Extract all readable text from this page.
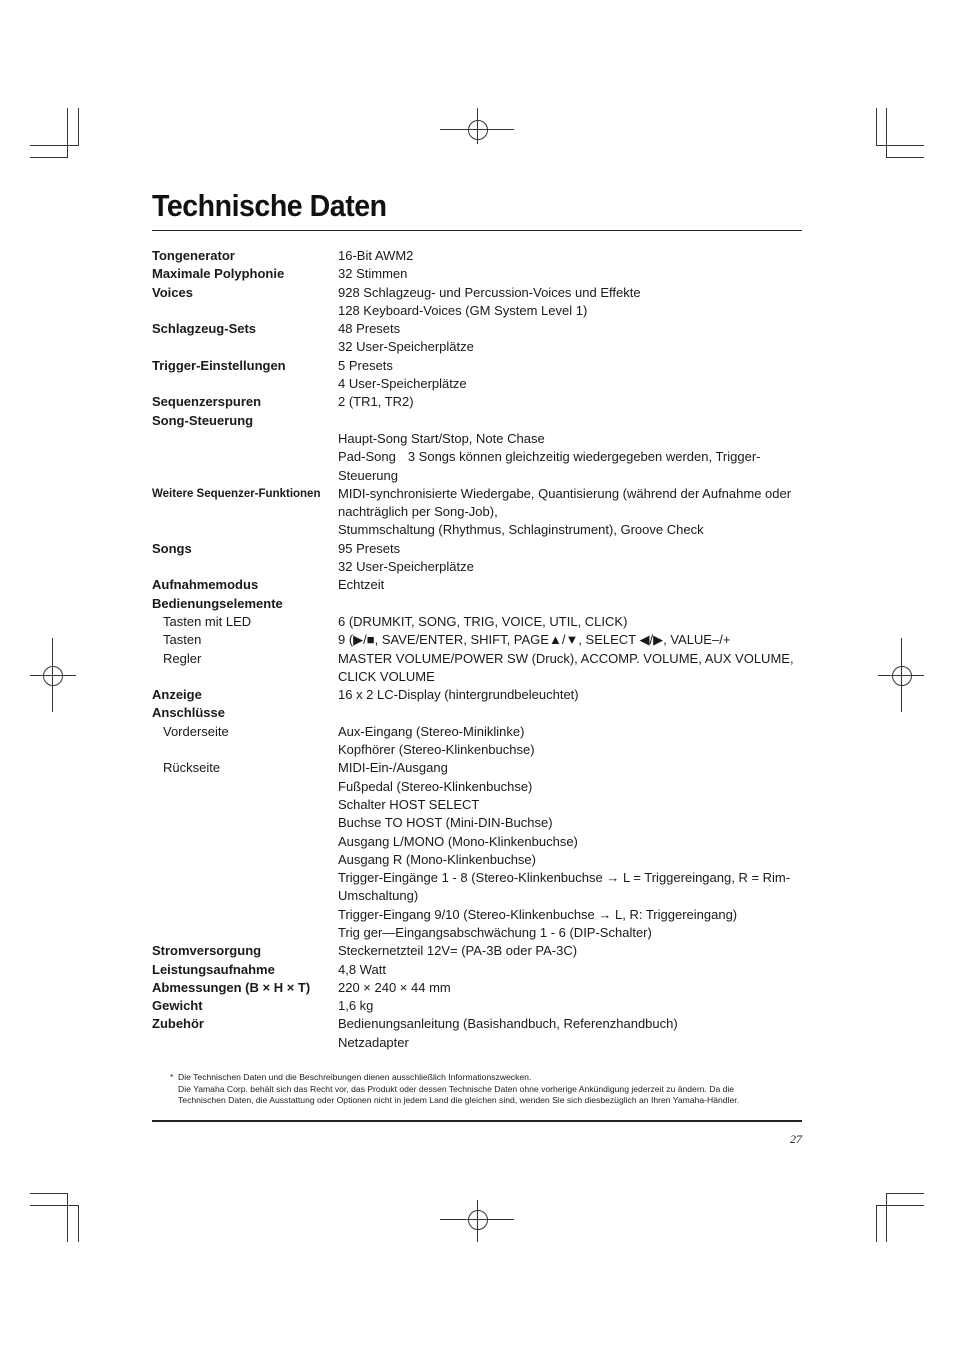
Technische Daten
Tongenerator	16-Bit AWM2
Maximale Polyphonie	32 Stimmen
Voices	928 Schlagzeug- und Percussion-Voices und Effekte
128 Keyboard-Voices (GM System Level 1)
Schlagzeug-Sets	48 Presets
32 User-Speicherplätze
Trigger-Einstellungen	5 Presets
4 User-Speicherplätze
Sequenzerspuren	2 (TR1, TR2)
Song-Steuerung
Haupt-Song Start/Stop, Note Chase
Pad-Song 3 Songs können gleichzeitig wiedergegeben werden, Trigger-
Steuerung
Weitere Sequenzer-Funktionen	MIDI-synchronisierte Wiedergabe, Quantisierung (während der Aufnahme oder
nachträglich per Song-Job),
Stummschaltung (Rhythmus, Schlaginstrument), Groove Check
Songs	95 Presets
32 User-Speicherplätze
Aufnahmemodus	Echtzeit
Bedienungselemente
Tasten mit LED	6 (DRUMKIT, SONG, TRIG, VOICE, UTIL, CLICK)
Tasten	9 (▶/■, SAVE/ENTER, SHIFT, PAGE▲/▼, SELECT ◀/▶, VALUE–/+
Regler	MASTER VOLUME/POWER SW (Druck), ACCOMP. VOLUME, AUX VOLUME,
CLICK VOLUME
Anzeige	16 x 2 LC-Display (hintergrundbeleuchtet)
Anschlüsse
Vorderseite	Aux-Eingang (Stereo-Miniklinke)
Kopfhörer (Stereo-Klinkenbuchse)
Rückseite	MIDI-Ein-/Ausgang
Fußpedal (Stereo-Klinkenbuchse)
Schalter HOST SELECT
Buchse TO HOST (Mini-DIN-Buchse)
Ausgang L/MONO (Mono-Klinkenbuchse)
Ausgang R (Mono-Klinkenbuchse)
Trigger-Eingänge 1 - 8 (Stereo-Klinkenbuchse → L = Triggereingang, R = Rim-
Umschaltung)
Trigger-Eingang 9/10 (Stereo-Klinkenbuchse → L, R: Triggereingang)
Trig ger—Eingangsabschwächung 1 - 6 (DIP-Schalter)
Stromversorgung	Steckernetzteil 12V= (PA-3B oder PA-3C)
Leistungsaufnahme	4,8 Watt
Abmessungen (B × H × T)	220 × 240 × 44 mm
Gewicht	1,6 kg
Zubehör	Bedienungsanleitung (Basishandbuch, Referenzhandbuch)
Netzadapter
* Die Technischen Daten und die Beschreibungen dienen ausschließlich Informationszwecken.
Die Yamaha Corp. behält sich das Recht vor, das Produkt oder dessen Technische Daten ohne vorherige Ankündigung jederzeit zu ändern. Da die
Technischen Daten, die Ausstattung oder Optionen nicht in jedem Land die gleichen sind, wenden Sie sich diesbezüglich an Ihren Yamaha-Händler.
27
